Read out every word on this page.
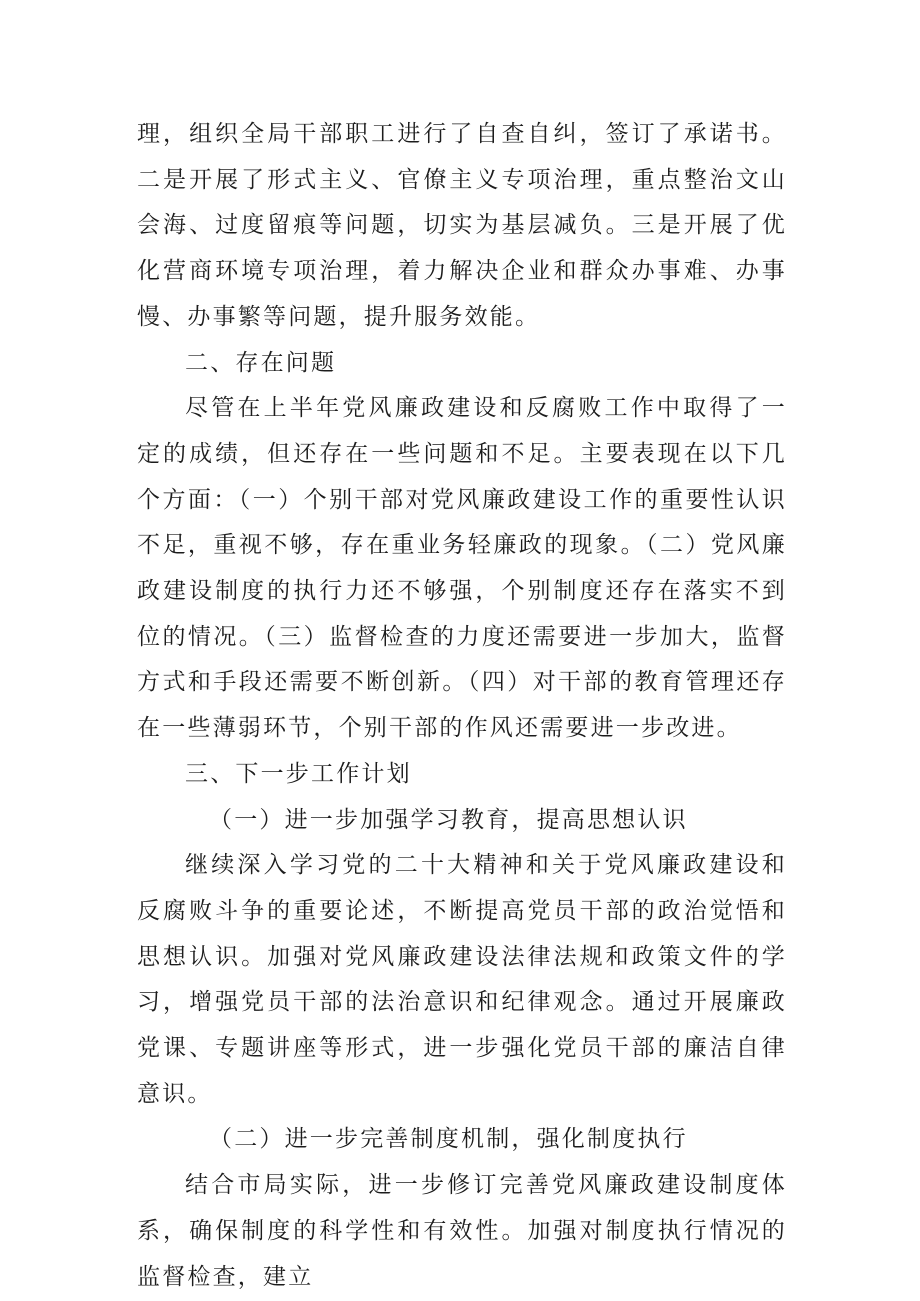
理，组织全局干部职工进行了自查自纠，签订了承诺书。二是开展了形式主义、官僚主义专项治理，重点整治文山会海、过度留痕等问题，切实为基层减负。三是开展了优化营商环境专项治理，着力解决企业和群众办事难、办事慢、办事繁等问题，提升服务效能。

二、存在问题

尽管在上半年党风廉政建设和反腐败工作中取得了一定的成绩，但还存在一些问题和不足。主要表现在以下几个方面：（一）个别干部对党风廉政建设工作的重要性认识不足，重视不够，存在重业务轻廉政的现象。（二）党风廉政建设制度的执行力还不够强，个别制度还存在落实不到位的情况。（三）监督检查的力度还需要进一步加大，监督方式和手段还需要不断创新。（四）对干部的教育管理还存在一些薄弱环节，个别干部的作风还需要进一步改进。

三、下一步工作计划

（一）进一步加强学习教育，提高思想认识

继续深入学习党的二十大精神和关于党风廉政建设和反腐败斗争的重要论述，不断提高党员干部的政治觉悟和思想认识。加强对党风廉政建设法律法规和政策文件的学习，增强党员干部的法治意识和纪律观念。通过开展廉政党课、专题讲座等形式，进一步强化党员干部的廉洁自律意识。

（二）进一步完善制度机制，强化制度执行

结合市局实际，进一步修订完善党风廉政建设制度体系，确保制度的科学性和有效性。加强对制度执行情况的监督检查，建立
